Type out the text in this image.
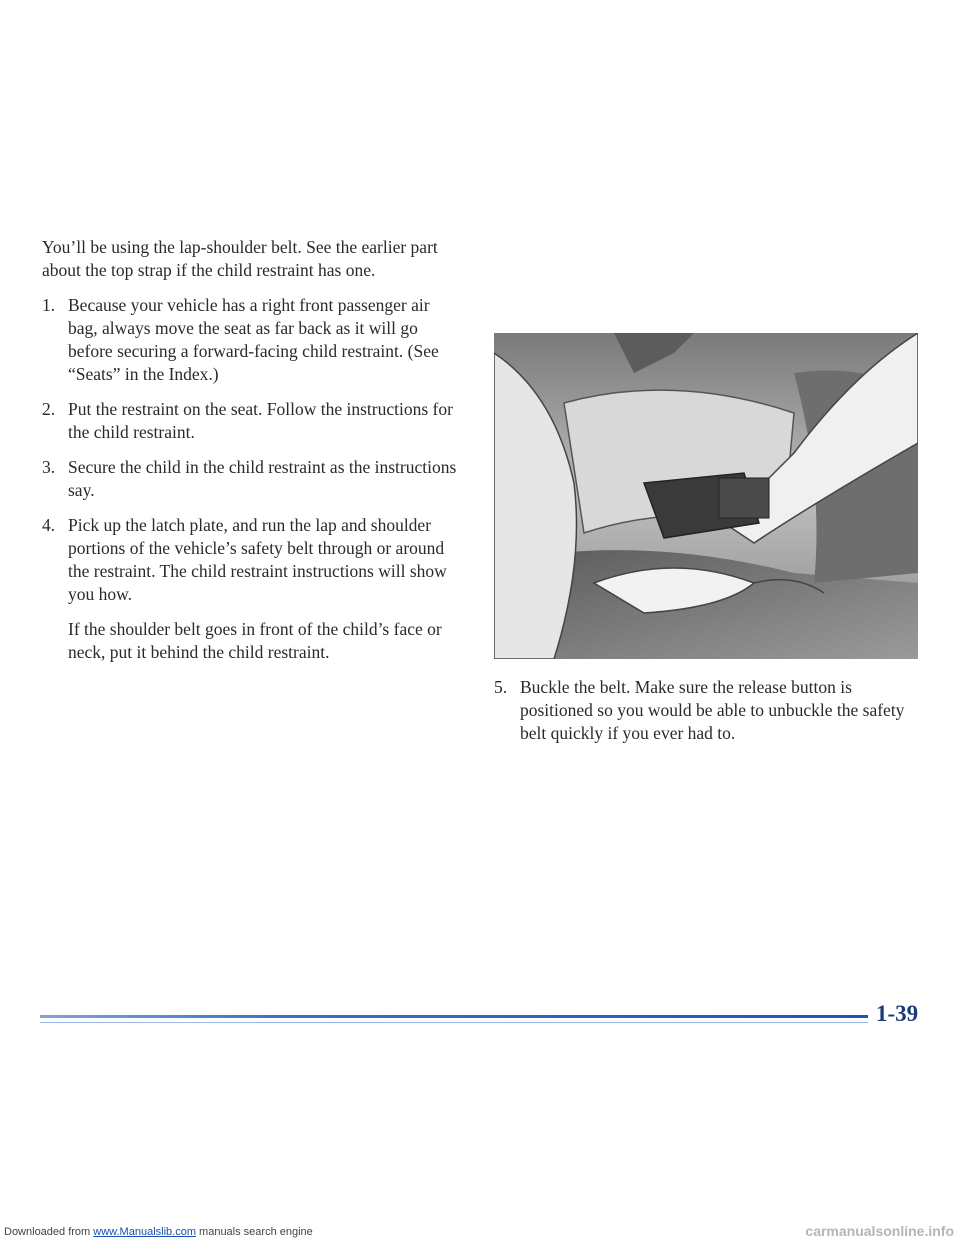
You’ll be using the lap-shoulder belt. See the earlier part about the top strap if the child restraint has one.

1. Because your vehicle has a right front passenger air bag, always move the seat as far back as it will go before securing a forward-facing child restraint. (See “Seats” in the Index.)
2. Put the restraint on the seat. Follow the instructions for the child restraint.
3. Secure the child in the child restraint as the instructions say.
4. Pick up the latch plate, and run the lap and shoulder portions of the vehicle’s safety belt through or around the restraint. The child restraint instructions will show you how.

If the shoulder belt goes in front of the child’s face or neck, put it behind the child restraint.

5. Buckle the belt. Make sure the release button is positioned so you would be able to unbuckle the safety belt quickly if you ever had to.
1-39
Downloaded from www.Manualslib.com manuals search engine	carmanualsonline.info
